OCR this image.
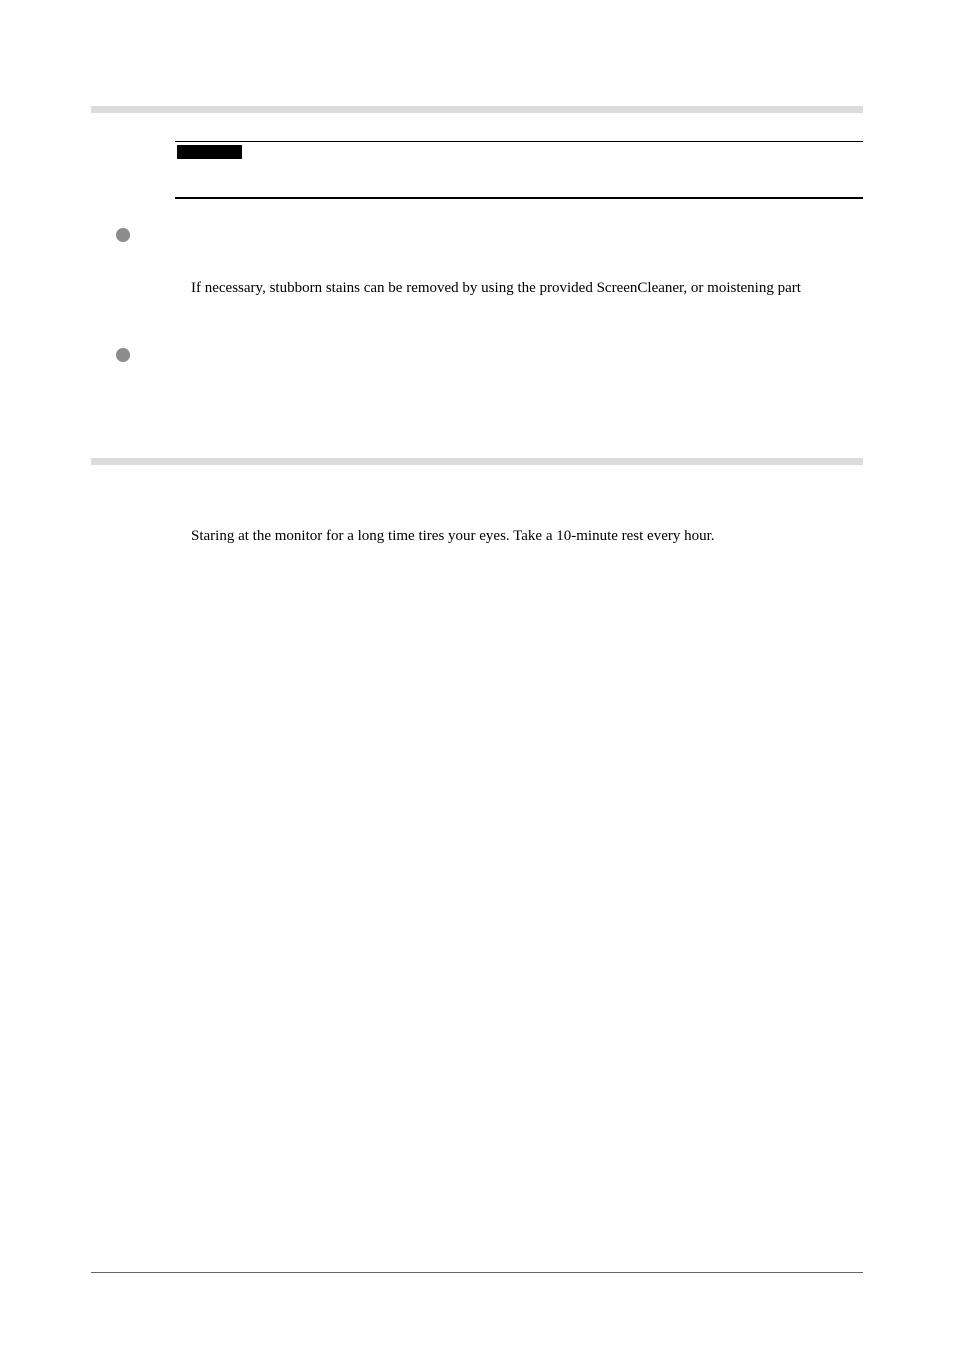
If necessary, stubborn stains can be removed by using the provided ScreenCleaner, or moistening part
Staring at the monitor for a long time tires your eyes. Take a 10-minute rest every hour.
